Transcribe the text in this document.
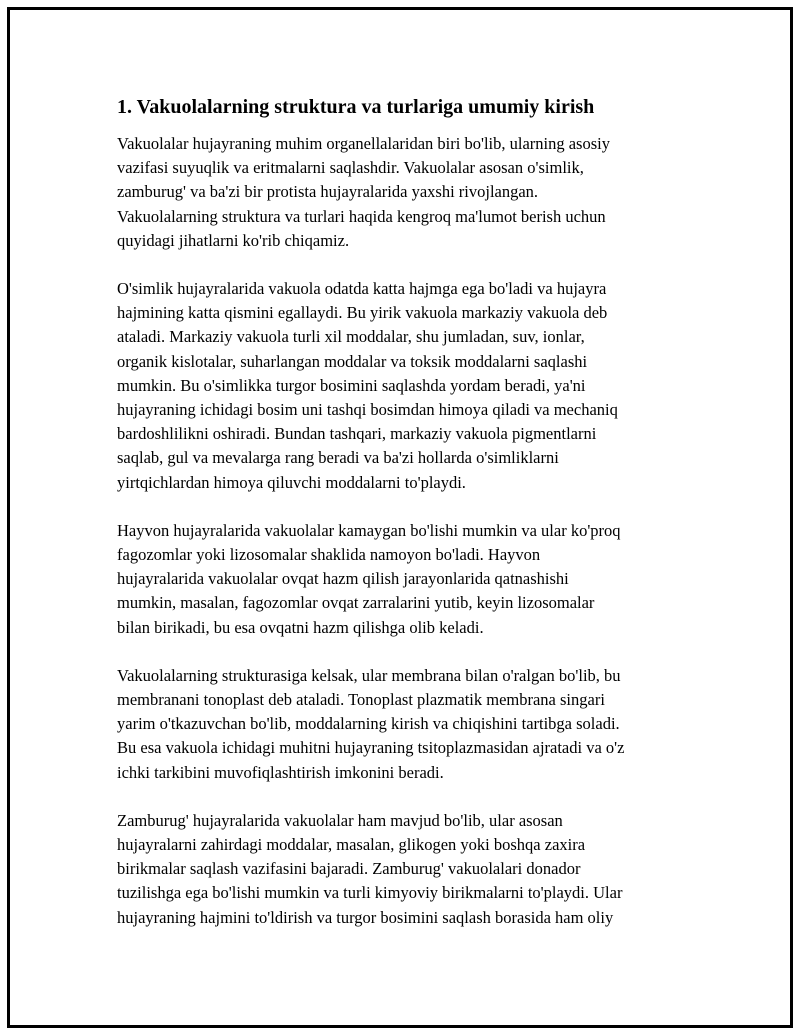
1. Vakuolalarning struktura va turlariga umumiy kirish

Vakuolalar hujayraning muhim organellalaridan biri bo'lib, ularning asosiy
vazifasi suyuqlik va eritmalarni saqlashdir. Vakuolalar asosan o'simlik,
zamburug' va ba'zi bir protista hujayralarida yaxshi rivojlangan.
Vakuolalarning struktura va turlari haqida kengroq ma'lumot berish uchun
quyidagi jihatlarni ko'rib chiqamiz.

O'simlik hujayralarida vakuola odatda katta hajmga ega bo'ladi va hujayra
hajmining katta qismini egallaydi. Bu yirik vakuola markaziy vakuola deb
ataladi. Markaziy vakuola turli xil moddalar, shu jumladan, suv, ionlar,
organik kislotalar, suharlangan moddalar va toksik moddalarni saqlashi
mumkin. Bu o'simlikka turgor bosimini saqlashda yordam beradi, ya'ni
hujayraning ichidagi bosim uni tashqi bosimdan himoya qiladi va mechaniq
bardoshlilikni oshiradi. Bundan tashqari, markaziy vakuola pigmentlarni
saqlab, gul va mevalarga rang beradi va ba'zi hollarda o'simliklarni
yirtqichlardan himoya qiluvchi moddalarni to'playdi.

Hayvon hujayralarida vakuolalar kamaygan bo'lishi mumkin va ular ko'proq
fagozomlar yoki lizosomalar shaklida namoyon bo'ladi. Hayvon
hujayralarida vakuolalar ovqat hazm qilish jarayonlarida qatnashishi
mumkin, masalan, fagozomlar ovqat zarralarini yutib, keyin lizosomalar
bilan birikadi, bu esa ovqatni hazm qilishga olib keladi.

Vakuolalarning strukturasiga kelsak, ular membrana bilan o'ralgan bo'lib, bu
membranani tonoplast deb ataladi. Tonoplast plazmatik membrana singari
yarim o'tkazuvchan bo'lib, moddalarning kirish va chiqishini tartibga soladi.
Bu esa vakuola ichidagi muhitni hujayraning tsitoplazmasidan ajratadi va o'z
ichki tarkibini muvofiqlashtirish imkonini beradi.

Zamburug' hujayralarida vakuolalar ham mavjud bo'lib, ular asosan
hujayralarni zahirdagi moddalar, masalan, glikogen yoki boshqa zaxira
birikmalar saqlash vazifasini bajaradi. Zamburug' vakuolalari donador
tuzilishga ega bo'lishi mumkin va turli kimyoviy birikmalarni to'playdi. Ular
hujayraning hajmini to'ldirish va turgor bosimini saqlash borasida ham oliy
